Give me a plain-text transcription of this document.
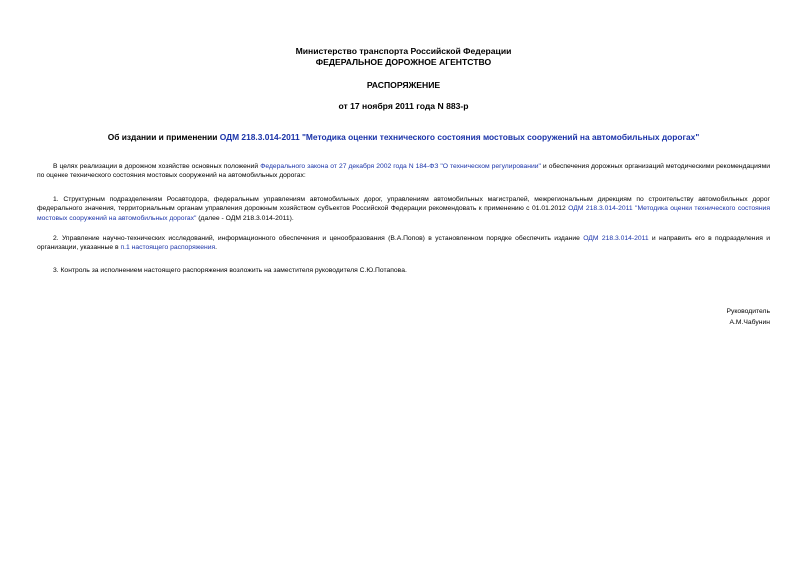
Министерство транспорта Российской Федерации
ФЕДЕРАЛЬНОЕ ДОРОЖНОЕ АГЕНТСТВО
РАСПОРЯЖЕНИЕ
от 17 ноября 2011 года N 883-р
Об издании и применении ОДМ 218.3.014-2011 "Методика оценки технического состояния мостовых сооружений на автомобильных дорогах"
В целях реализации в дорожном хозяйстве основных положений Федерального закона от 27 декабря 2002 года N 184-ФЗ "О техническом регулировании" и обеспечения дорожных организаций методическими рекомендациями по оценке технического состояния мостовых сооружений на автомобильных дорогах:
1. Структурным подразделениям Росавтодора, федеральным управлениям автомобильных дорог, управлениям автомобильных магистралей, межрегиональным дирекциям по строительству автомобильных дорог федерального значения, территориальным органам управления дорожным хозяйством субъектов Российской Федерации рекомендовать к применению с 01.01.2012 ОДМ 218.3.014-2011 "Методика оценки технического состояния мостовых сооружений на автомобильных дорогах" (далее - ОДМ 218.3.014-2011).
2. Управление научно-технических исследований, информационного обеспечения и ценообразования (В.А.Попов) в установленном порядке обеспечить издание ОДМ 218.3.014-2011 и направить его в подразделения и организации, указанные в п.1 настоящего распоряжения.
3. Контроль за исполнением настоящего распоряжения возложить на заместителя руководителя С.Ю.Потапова.
Руководитель
А.М.Чабунин
